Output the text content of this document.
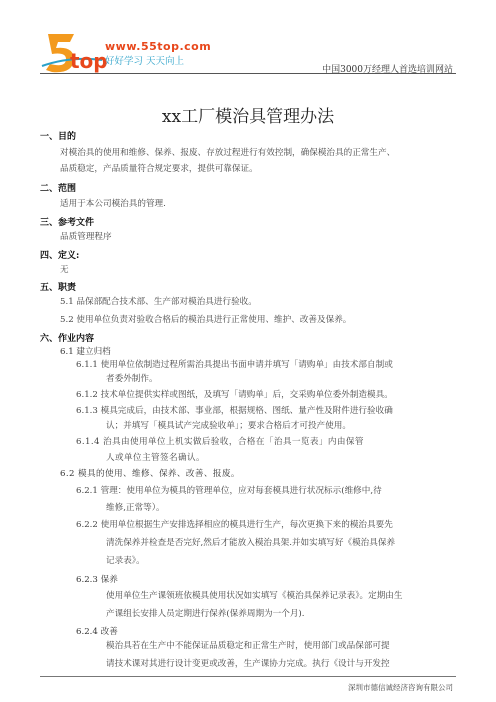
top
www.55top.com
好好学习 天天向上
中国3000万经理人首选培训网站
xx工厂模治具管理办法
一、目的
对模治具的使用和维修、保养、报废、存放过程进行有效控制，确保模治具的正常生产、
品质稳定，产品质量符合规定要求，提供可靠保证。
二、范围
适用于本公司模治具的管理.
三、参考文件
品质管理程序
四、定义:
无
五、职责
5.1 品保部配合技术部、生产部对模治具进行验收。
5.2 使用单位负责对验收合格后的模治具进行正常使用、维护、改善及保养。
六、作业内容
6.1 建立归档
6.1.1 使用单位依制造过程所需治具提出书面申请并填写「请购单」由技术部自制或
者委外制作。
6.1.2 技术单位提供实样或图纸，及填写「请购单」后，交采购单位委外制造模具。
6.1.3 模具完成后，由技术部、事业部，根据规格、图纸、量产性及附件进行验收确
认；并填写「模具试产完成验收单」；要求合格后才可投产使用。
6.1.4 治具由使用单位上机实做后验收，合格在「治具一览表」内由保管
人或单位主管签名确认。
6.2 模具的使用、维修、保养、改善、报废。
6.2.1 管理：使用单位为模具的管理单位，应对每套模具进行状况标示(维修中,待
维修,正常等）。
6.2.2 使用单位根据生产安排选择相应的模具进行生产，每次更换下来的模治具要先
清洗保养并检查是否完好,然后才能放入模治具架.并如实填写好《模治具保养
记录表》。
6.2.3 保养
使用单位生产课领班依模具使用状况如实填写《模治具保养记录表》。定期由生
产课组长安排人员定期进行保养(保养周期为一个月).
6.2.4 改善
模治具若在生产中不能保证品质稳定和正常生产时，使用部门或品保部可提
请技术课对其进行设计变更或改善，生产课协力完成。执行《设计与开发控
深圳市德信诚经济咨询有限公司
